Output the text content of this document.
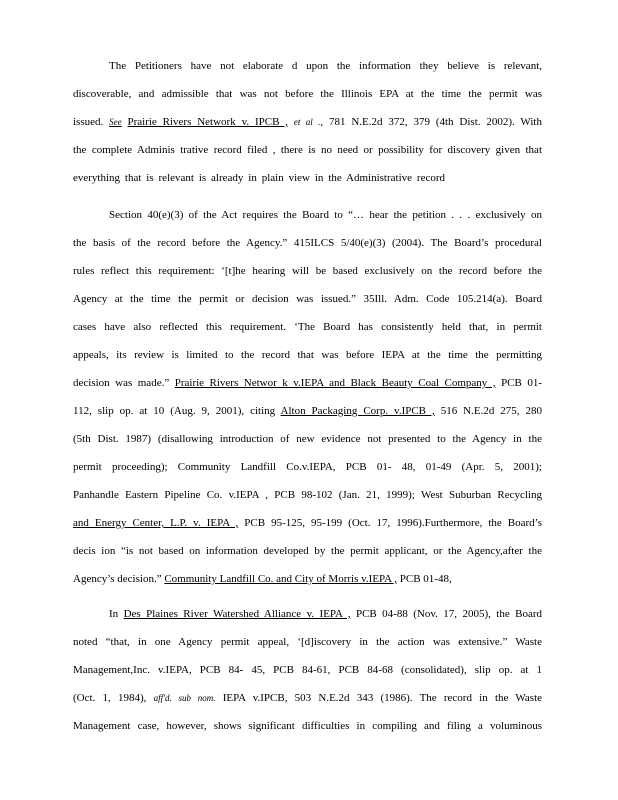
The Petitioners have not elaborate d upon the information they believe is relevant,
discoverable, and admissible that was not before the Illinois EPA at the time the permit was
issued. See Prairie Rivers Network v. IPCB , et al ., 781 N.E.2d 372, 379 (4th Dist. 2002). With
the complete Adminis trative record filed , there is no need or possibility for discovery given that
everything that is relevant is already in plain view in the Administrative record
Section 40(e)(3) of the Act requires the Board to “… hear the petition . . . exclusively on
the basis of the record before the Agency.” 415ILCS 5/40(e)(3) (2004). The Board’s procedural
rules reflect this requirement: ‘[t]he hearing will be based exclusively on the record before the
Agency at the time the permit or decision was issued.” 35Ill. Adm. Code 105.214(a). Board
cases have also reflected this requirement. ‘The Board has consistently held that, in permit
appeals, its review is limited to the record that was before IEPA at the time the permitting
decision was made.” Prairie Rivers Networ k v.IEPA and Black Beauty Coal Company , PCB 01-
112, slip op. at 10 (Aug. 9, 2001), citing Alton Packaging Corp. v.IPCB , 516 N.E.2d 275, 280
(5th Dist. 1987) (disallowing introduction of new evidence not presented to the Agency in the
permit proceeding); Community Landfill Co.v.IEPA, PCB 01- 48, 01-49 (Apr. 5, 2001);
Panhandle Eastern Pipeline Co. v.IEPA , PCB 98-102 (Jan. 21, 1999); West Suburban Recycling
and Energy Center, L.P. v. IEPA , PCB 95-125, 95-199 (Oct. 17, 1996).Furthermore, the Board’s
decis ion “is not based on information developed by the permit applicant, or the Agency,after the
Agency’s decision.” Community Landfill Co. and City of Morris v.IEPA , PCB 01-48,
In Des Plaines River Watershed Alliance v. IEPA , PCB 04-88 (Nov. 17, 2005), the Board
noted “that, in one Agency permit appeal, ‘[d]iscovery in the action was extensive.” Waste
Management,Inc. v.IEPA, PCB 84- 45, PCB 84-61, PCB 84-68 (consolidated), slip op. at 1
(Oct. 1, 1984), aff'd. sub nom. IEPA v.IPCB, 503 N.E.2d 343 (1986). The record in the Waste
Management case, however, shows significant difficulties in compiling and filing a voluminous
